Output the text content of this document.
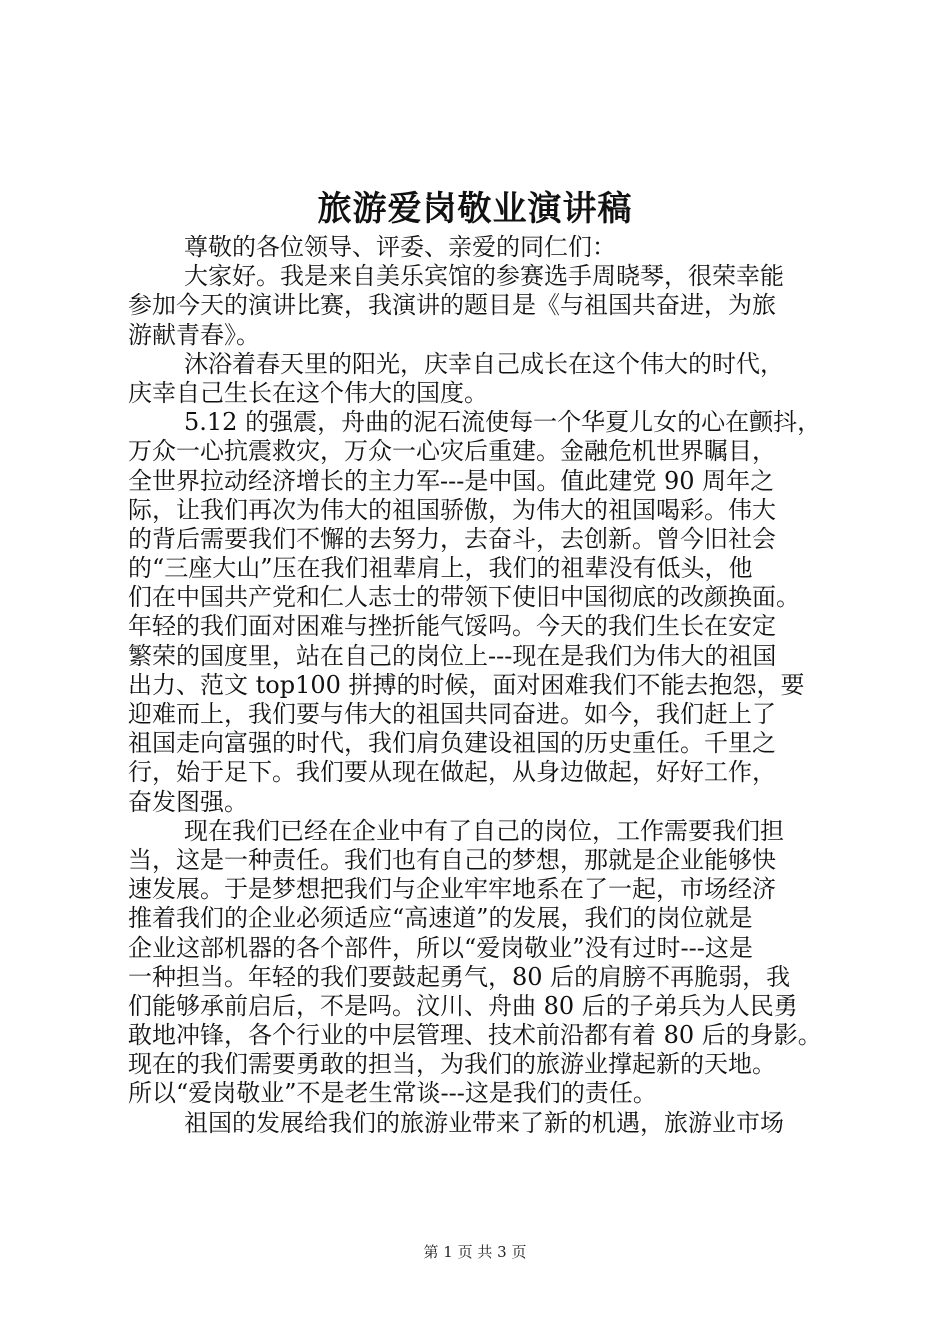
旅游爱岗敬业演讲稿
尊敬的各位领导、评委、亲爱的同仁们：
大家好。我是来自美乐宾馆的参赛选手周晓琴，很荣幸能
参加今天的演讲比赛，我演讲的题目是《与祖国共奋进，为旅
游献青春》。
沐浴着春天里的阳光，庆幸自己成长在这个伟大的时代，
庆幸自己生长在这个伟大的国度。
5.12 的强震，舟曲的泥石流使每一个华夏儿女的心在颤抖，
万众一心抗震救灾，万众一心灾后重建。金融危机世界瞩目，
全世界拉动经济增长的主力军---是中国。值此建党 90 周年之
际，让我们再次为伟大的祖国骄傲，为伟大的祖国喝彩。伟大
的背后需要我们不懈的去努力，去奋斗，去创新。曾今旧社会
的“三座大山”压在我们祖辈肩上，我们的祖辈没有低头，他
们在中国共产党和仁人志士的带领下使旧中国彻底的改颜换面。
年轻的我们面对困难与挫折能气馁吗。今天的我们生长在安定
繁荣的国度里，站在自己的岗位上---现在是我们为伟大的祖国
出力、范文 top100 拼搏的时候，面对困难我们不能去抱怨，要
迎难而上，我们要与伟大的祖国共同奋进。如今，我们赶上了
祖国走向富强的时代，我们肩负建设祖国的历史重任。千里之
行，始于足下。我们要从现在做起，从身边做起，好好工作，
奋发图强。
现在我们已经在企业中有了自己的岗位，工作需要我们担
当，这是一种责任。我们也有自己的梦想，那就是企业能够快
速发展。于是梦想把我们与企业牢牢地系在了一起，市场经济
推着我们的企业必须适应“高速道”的发展，我们的岗位就是
企业这部机器的各个部件，所以“爱岗敬业”没有过时---这是
一种担当。年轻的我们要鼓起勇气，80 后的肩膀不再脆弱，我
们能够承前启后，不是吗。汶川、舟曲 80 后的子弟兵为人民勇
敢地冲锋，各个行业的中层管理、技术前沿都有着 80 后的身影。
现在的我们需要勇敢的担当，为我们的旅游业撑起新的天地。
所以“爱岗敬业”不是老生常谈---这是我们的责任。
祖国的发展给我们的旅游业带来了新的机遇，旅游业市场
第 1 页 共 3 页
